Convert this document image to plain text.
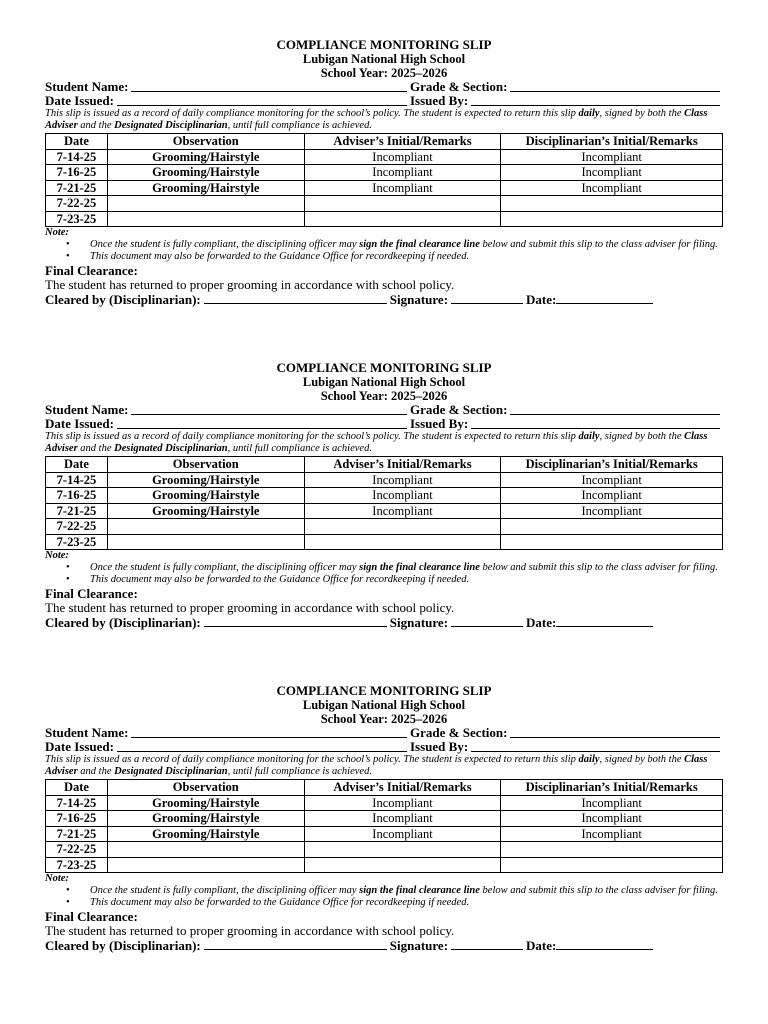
COMPLIANCE MONITORING SLIP
Lubigan National High School
School Year: 2025–2026
Student Name:	Grade & Section:
Date Issued:	Issued By:
This slip is issued as a record of daily compliance monitoring for the school’s policy. The student is expected to return this slip daily, signed by both the Class Adviser and the Designated Disciplinarian, until full compliance is achieved.
Date	Observation	Adviser’s Initial/Remarks	Disciplinarian’s Initial/Remarks
7-14-25	Grooming/Hairstyle	Incompliant	Incompliant
7-16-25	Grooming/Hairstyle	Incompliant	Incompliant
7-21-25	Grooming/Hairstyle	Incompliant	Incompliant
7-22-25			
7-23-25			
Note:
• Once the student is fully compliant, the disciplining officer may sign the final clearance line below and submit this slip to the class adviser for filing.
• This document may also be forwarded to the Guidance Office for recordkeeping if needed.
Final Clearance:
The student has returned to proper grooming in accordance with school policy.
Cleared by (Disciplinarian):	Signature:	Date:
COMPLIANCE MONITORING SLIP
Lubigan National High School
School Year: 2025–2026
Student Name:	Grade & Section:
Date Issued:	Issued By:
This slip is issued as a record of daily compliance monitoring for the school’s policy. The student is expected to return this slip daily, signed by both the Class Adviser and the Designated Disciplinarian, until full compliance is achieved.
Date	Observation	Adviser’s Initial/Remarks	Disciplinarian’s Initial/Remarks
7-14-25	Grooming/Hairstyle	Incompliant	Incompliant
7-16-25	Grooming/Hairstyle	Incompliant	Incompliant
7-21-25	Grooming/Hairstyle	Incompliant	Incompliant
7-22-25			
7-23-25			
Note:
• Once the student is fully compliant, the disciplining officer may sign the final clearance line below and submit this slip to the class adviser for filing.
• This document may also be forwarded to the Guidance Office for recordkeeping if needed.
Final Clearance:
The student has returned to proper grooming in accordance with school policy.
Cleared by (Disciplinarian):	Signature:	Date:
COMPLIANCE MONITORING SLIP
Lubigan National High School
School Year: 2025–2026
Student Name:	Grade & Section:
Date Issued:	Issued By:
This slip is issued as a record of daily compliance monitoring for the school’s policy. The student is expected to return this slip daily, signed by both the Class Adviser and the Designated Disciplinarian, until full compliance is achieved.
Date	Observation	Adviser’s Initial/Remarks	Disciplinarian’s Initial/Remarks
7-14-25	Grooming/Hairstyle	Incompliant	Incompliant
7-16-25	Grooming/Hairstyle	Incompliant	Incompliant
7-21-25	Grooming/Hairstyle	Incompliant	Incompliant
7-22-25			
7-23-25			
Note:
• Once the student is fully compliant, the disciplining officer may sign the final clearance line below and submit this slip to the class adviser for filing.
• This document may also be forwarded to the Guidance Office for recordkeeping if needed.
Final Clearance:
The student has returned to proper grooming in accordance with school policy.
Cleared by (Disciplinarian):	Signature:	Date:
